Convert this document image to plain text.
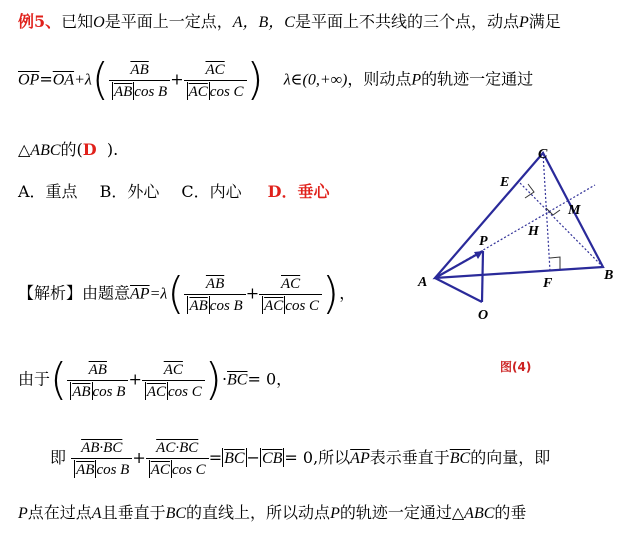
例5、已知O是平面上一定点，A，B，C是平面上不共线的三个点，动点P满足
$\overline{OP}=\overline{OA}+\lambda( \frac{\overline{AB}}{\overline{AB} \cos B} + \frac{\overline{AC}}{\overline{AC} \cos C}$ ) λ∈(0,+∞)，则动点P的轨迹一定通过
△ABC的(D ).
A．重点 B．外心 C．内心 D．垂心
【解析】由题意$\overline{AP}=\lambda( \frac{\overline{AB}}{\overline{AB} \cos B} + \frac{\overline{AC}}{\overline{AC} \cos C}$ )，
由于( $\frac{\overline{AB}}{\overline{AB} \cos B} + \frac{\overline{AC}}{\overline{AC} \cos C} )\cdot\overline{BC}= 0$，
即 $\frac{AB\cdot BC}{\overline{AB} \cos B} + \frac{AC\cdot BC}{\overline{AC} \cos C} = \overline{BC} - \overline{CB} = 0$,所以$\overline{AP}$表示垂直于$\overline{BC}$的向量，即
P点在过点A且垂直于BC的直线上，所以动点P的轨迹一定通过△ABC的垂
A	B
C
E
F
H
M
P
O
图(4)
